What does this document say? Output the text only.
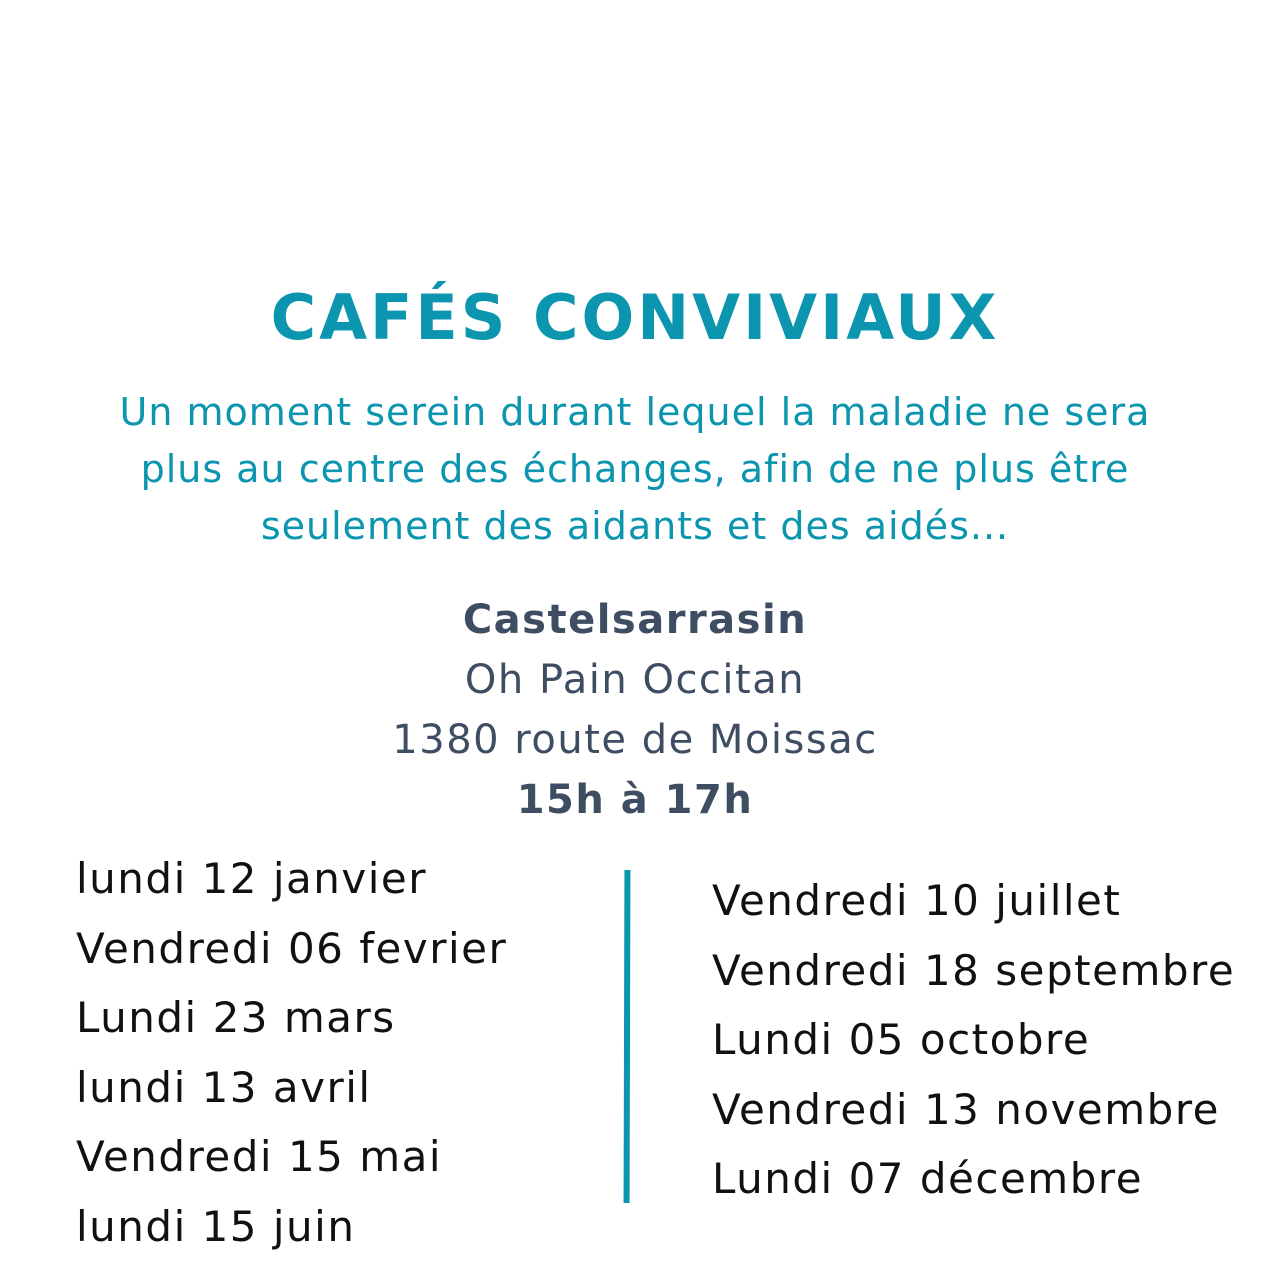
CAFÉS CONVIVIAUX

Un moment serein durant lequel la maladie ne sera
plus au centre des échanges, afin de ne plus être
seulement des aidants et des aidés...

Castelsarrasin
Oh Pain Occitan
1380 route de Moissac
15h à 17h
lundi 12 janvier
Vendredi 06 fevrier
Lundi 23 mars
lundi 13 avril
Vendredi 15 mai
lundi 15 juin
Vendredi 10 juillet
Vendredi 18 septembre
Lundi 05 octobre
Vendredi 13 novembre
Lundi 07 décembre
